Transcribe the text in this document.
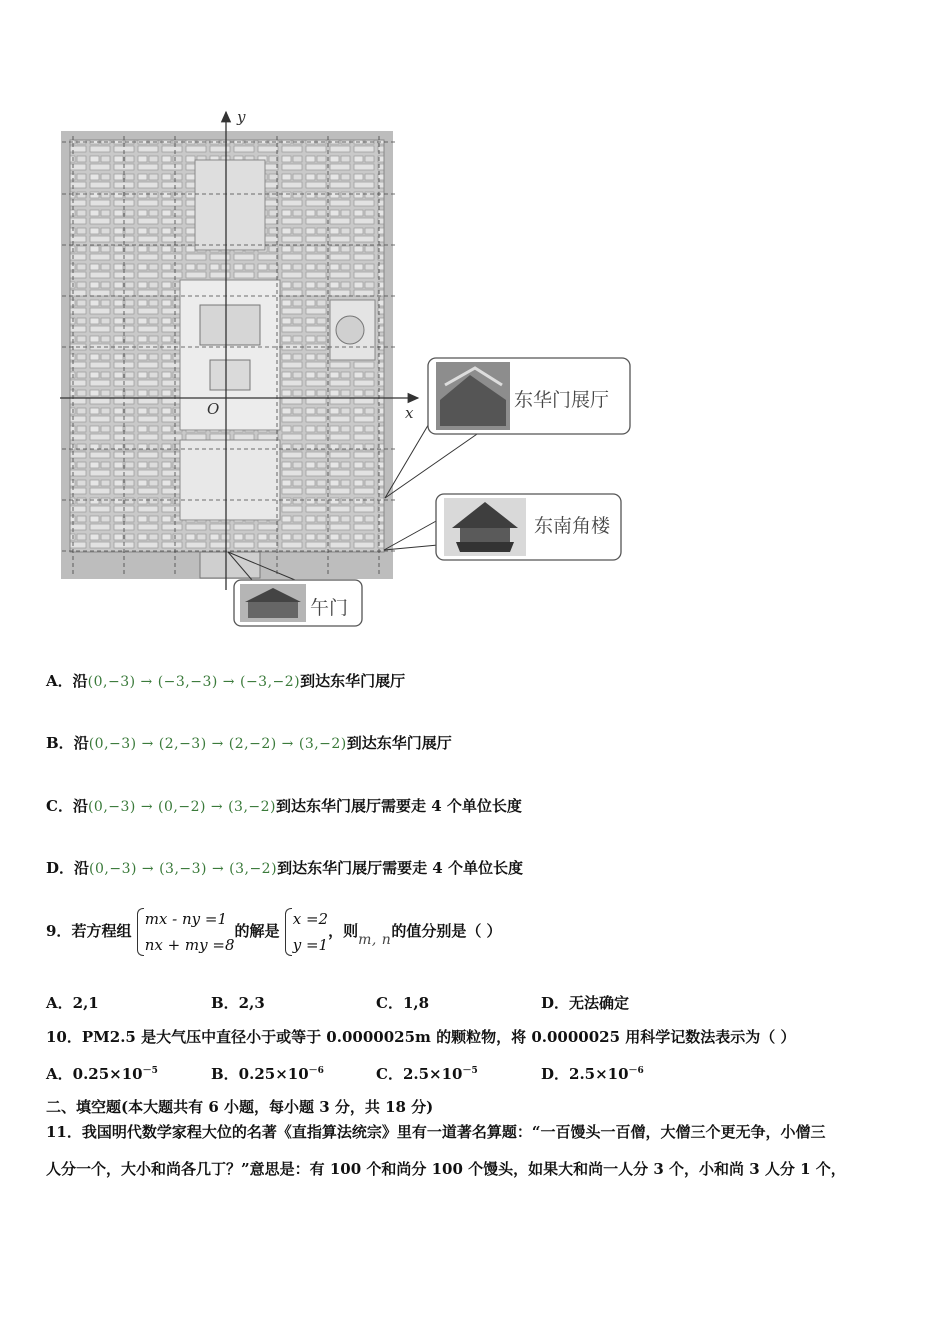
y
x
O	东华门展厅
东南角楼
午门
A．沿(0,−3) → (−3,−3) → (−3,−2)到达东华门展厅
B．沿(0,−3) → (2,−3) → (2,−2) → (3,−2)到达东华门展厅
C．沿(0,−3) → (0,−2) → (3,−2)到达东华门展厅需要走 4 个单位长度
D．沿(0,−3) → (3,−3) → (3,−2)到达东华门展厅需要走 4 个单位长度
9．若方程组
mx - ny =1
nx + my =8
的解是
x =2
y =1
，则m, n的值分别是（ ）
A．2,1	B．2,3	C．1,8	D．无法确定
10．PM2.5 是大气压中直径小于或等于 0.0000025m 的颗粒物，将 0.0000025 用科学记数法表示为（ ）
A．$0.25\times 10^{-5}$	B．$0.25\times 10^{-6}$	C．$2.5\times 10^{-5}$	D．$2.5\times 10^{-6}$
二、填空题(本大题共有 6 小题，每小题 3 分，共 18 分)
11．我国明代数学家程大位的名著《直指算法统宗》里有一道著名算题：“一百馒头一百僧，大僧三个更无争，小僧三
人分一个，大小和尚各几丁？”意思是：有 100 个和尚分 100 个馒头，如果大和尚一人分 3 个，小和尚 3 人分 1 个，
